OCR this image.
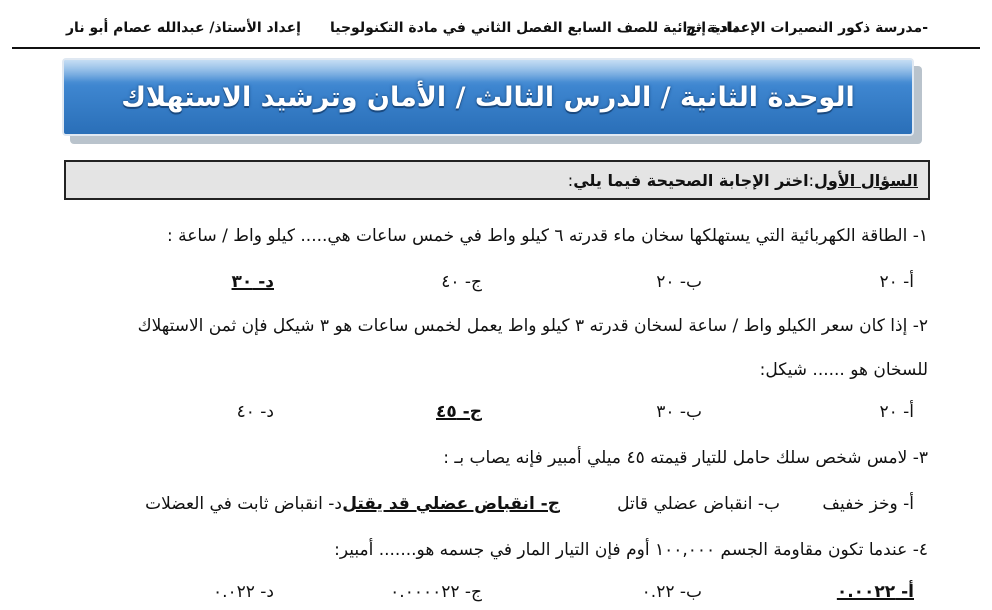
مدرسة ذكور النصيرات الإعدادية -ج-
مادة إثرائية للصف السابع الفصل الثاني في مادة التكنولوجيا
إعداد الأستاذ/ عبدالله عصام أبو نار
الوحدة الثانية / الدرس الثالث / الأمان وترشيد الاستهلاك
السؤال الأول
:
اختر الإجابة الصحيحة فيما يلي
:
١- الطاقة الكهربائية التي يستهلكها سخان ماء قدرته ٦ كيلو واط في خمس ساعات هي..... كيلو واط / ساعة :
أ- ٢٠
ب- ٢٠
ج- ٤٠
د- ٣٠
٢- إذا كان سعر الكيلو واط / ساعة لسخان قدرته ٣ كيلو واط يعمل لخمس ساعات هو ٣ شيكل فإن ثمن الاستهلاك
للسخان هو ...... شيكل:
أ- ٢٠
ب- ٣٠
ج- ٤٥
د- ٤٠
٣- لامس شخص سلك حامل للتيار قيمته ٤٥ ميلي أمبير فإنه يصاب بـ :
أ- وخز خفيف
ب- انقباض عضلي قاتل
ج- انقباض عضلي قد يقتل
د- انقباض ثابت في العضلات
٤- عندما تكون مقاومة الجسم ١٠٠,٠٠٠ أوم فإن التيار المار في جسمه هو....... أمبير:
أ- ٠.٠٠٢٢
ب- ٠.٢٢
ج- ٠.٠٠٠٠٢٢
د- ٠.٠٢٢
